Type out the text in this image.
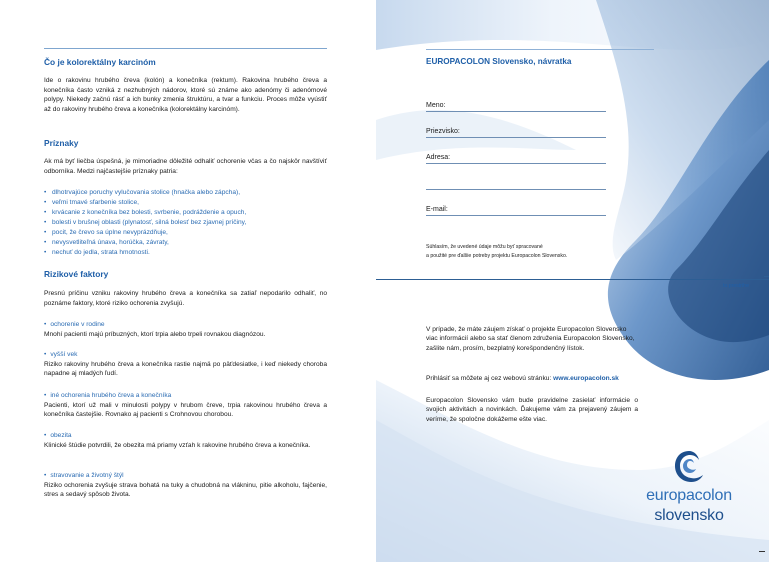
Čo je kolorektálny karcinóm
Ide o rakovinu hrubého čreva (kolón) a konečníka (rektum). Rakovina hrubého čreva a konečníka často vzniká z nezhubných nádorov, ktoré sú známe ako adenómy či adenómové polypy. Niekedy začnú rásť a ich bunky zmenia štruktúru, a tvar a funkciu. Proces môže vyústiť až do rakoviny hrubého čreva a konečníka (kolorektálny karcinóm).
Príznaky
Ak má byť liečba úspešná, je mimoriadne dôležité odhaliť ochorenie včas a čo najskôr navštíviť odborníka. Medzi najčastejšie príznaky patria:
• dlhotrvajúce poruchy vylučovania stolice (hnačka alebo zápcha),
• veľmi tmavé sfarbenie stolice,
• krvácanie z konečníka bez bolesti, svrbenie, podráždenie a opuch,
• bolesti v brušnej oblasti (plynatosť, silná bolesť bez zjavnej príčiny,
• pocit, že črevo sa úplne nevyprázdňuje,
• nevysvetliteľná únava, horúčka, závraty,
• nechuť do jedla, strata hmotnosti.
Rizikové faktory
Presnú príčinu vzniku rakoviny hrubého čreva a konečníka sa zatiaľ nepodarilo odhaliť, no poznáme faktory, ktoré riziko ochorenia zvyšujú.
• ochorenie v rodine
Mnohí pacienti majú príbuzných, ktorí trpia alebo trpeli rovnakou diagnózou.
• vyšší vek
Riziko rakoviny hrubého čreva a konečníka rastie najmä po päťdesiatke, i keď niekedy choroba napadne aj mladých ľudí.
• iné ochorenia hrubého čreva a konečníka
Pacienti, ktorí už mali v minulosti polypy v hrubom čreve, trpia rakovinou hrubého čreva a konečníka častejšie. Rovnako aj pacienti s Crohnovou chorobou.
• obezita
Klinické štúdie potvrdili, že obezita má priamy vzťah k rakovine hrubého čreva a konečníka.
• stravovanie a životný štýl
Riziko ochorenia zvyšuje strava bohatá na tuky a chudobná na vlákninu, pitie alkoholu, fajčenie, stres a sedavý spôsob života.
EUROPACOLON Slovensko, návratka
Meno:
Priezvisko:
Adresa:
E-mail:
Súhlasím, že uvedené údaje môžu byť spracované
a použité pre ďalšie potreby projektu Europacolon Slovensko.
tu prestrihe
V prípade, že máte záujem získať o projekte Europacolon Slovensko viac informácií alebo sa stať členom združenia Europacolon Slovensko, zašlite nám, prosím, bezplatný korešpondenčný lístok.
Prihlásiť sa môžete aj cez webovú stránku: www.europacolon.sk
Europacolon Slovensko vám bude pravidelne zasielať informácie o svojich aktivitách a novinkách. Ďakujeme vám za prejavený záujem a veríme, že spoločne dokážeme ešte viac.
europacolon
slovensko
